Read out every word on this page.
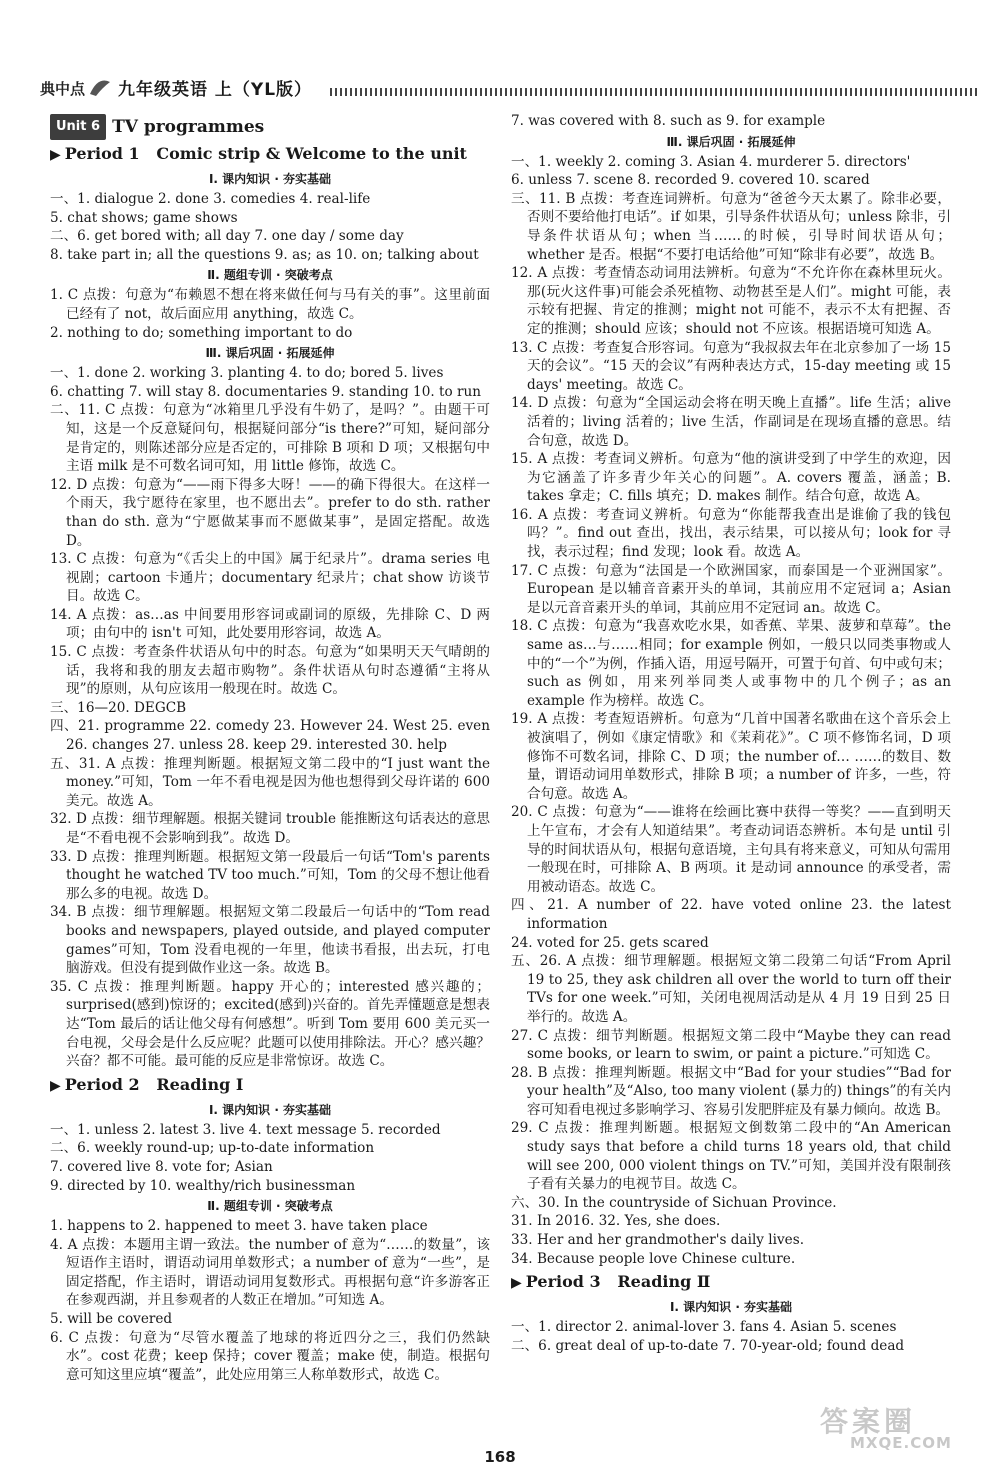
典中点 九年级英语 上（YL版）
Unit 6 TV programmes
▶ Period 1 Comic strip & Welcome to the unit
Ⅰ. 课内知识 · 夯实基础

一、1. dialogue 2. done 3. comedies 4. real-life

5. chat shows; game shows

二、6. get bored with; all day 7. one day / some day

8. take part in; all the questions 9. as; as 10. on; talking about

Ⅱ. 题组专训 · 突破考点

1. C 点拨：句意为“布赖恩不想在将来做任何与马有关的事”。这里前面已经有了 not，故后面应用 anything，故选 C。

2. nothing to do; something important to do

Ⅲ. 课后巩固 · 拓展延伸

一、1. done 2. working 3. planting 4. to do; bored 5. lives

6. chatting 7. will stay 8. documentaries 9. standing 10. to run

二、11. C 点拨：句意为“冰箱里几乎没有牛奶了，是吗？”。由题干可知，这是一个反意疑问句，根据疑问部分“is there?”可知，疑问部分是肯定的，则陈述部分应是否定的，可排除 B 项和 D 项；又根据句中主语 milk 是不可数名词可知，用 little 修饰，故选 C。

12. D 点拨：句意为“——雨下得多大呀！——的确下得很大。在这样一个雨天，我宁愿待在家里，也不愿出去”。prefer to do sth. rather than do sth. 意为“宁愿做某事而不愿做某事”，是固定搭配。故选 D。

13. C 点拨：句意为“《舌尖上的中国》属于纪录片”。drama series 电视剧；cartoon 卡通片；documentary 纪录片；chat show 访谈节目。故选 C。

14. A 点拨：as…as 中间要用形容词或副词的原级，先排除 C、D 两项；由句中的 isn't 可知，此处要用形容词，故选 A。

15. C 点拨：考查条件状语从句中的时态。句意为“如果明天天气晴朗的话，我将和我的朋友去超市购物”。条件状语从句时态遵循“主将从现”的原则，从句应该用一般现在时。故选 C。

三、16—20. DEGCB

四、21. programme 22. comedy 23. However 24. West 25. even 26. changes 27. unless 28. keep 29. interested 30. help

五、31. A 点拨：推理判断题。根据短文第二段中的“I just want the money.”可知，Tom 一年不看电视是因为他也想得到父母许诺的 600 美元。故选 A。

32. D 点拨：细节理解题。根据关键词 trouble 能推断这句话表达的意思是“不看电视不会影响到我”。故选 D。

33. D 点拨：推理判断题。根据短文第一段最后一句话“Tom's parents thought he watched TV too much.”可知，Tom 的父母不想让他看那么多的电视。故选 D。

34. B 点拨：细节理解题。根据短文第二段最后一句话中的“Tom read books and newspapers, played outside, and played computer games”可知，Tom 没看电视的一年里，他读书看报，出去玩，打电脑游戏。但没有提到做作业这一条。故选 B。

35. C 点拨：推理判断题。happy 开心的；interested 感兴趣的；surprised(感到)惊讶的；excited(感到)兴奋的。首先弄懂题意是想表达“Tom 最后的话让他父母有何感想”。听到 Tom 要用 600 美元买一台电视，父母会是什么反应呢？此题可以使用排除法。开心？感兴趣？兴奋？都不可能。最可能的反应是非常惊讶。故选 C。

▶ Period 2 Reading Ⅰ
Ⅰ. 课内知识 · 夯实基础

一、1. unless 2. latest 3. live 4. text message 5. recorded

二、6. weekly round-up; up-to-date information

7. covered live 8. vote for; Asian

9. directed by 10. wealthy/rich businessman

Ⅱ. 题组专训 · 突破考点

1. happens to 2. happened to meet 3. have taken place

4. A 点拨：本题用主谓一致法。the number of 意为“……的数量”，该短语作主语时，谓语动词用单数形式；a number of 意为“一些”，是固定搭配，作主语时，谓语动词用复数形式。再根据句意“许多游客正在参观西湖，并且参观者的人数正在增加。”可知选 A。

5. will be covered

6. C 点拨：句意为“尽管水覆盖了地球的将近四分之三，我们仍然缺水”。cost 花费；keep 保持；cover 覆盖；make 使，制造。根据句意可知这里应填“覆盖”，此处应用第三人称单数形式，故选 C。

7. was covered with 8. such as 9. for example

Ⅲ. 课后巩固 · 拓展延伸

一、1. weekly 2. coming 3. Asian 4. murderer 5. directors'

6. unless 7. scene 8. recorded 9. covered 10. scared

三、11. B 点拨：考查连词辨析。句意为“爸爸今天太累了。除非必要，否则不要给他打电话”。if 如果，引导条件状语从句；unless 除非，引导条件状语从句；when 当……的时候，引导时间状语从句；whether 是否。根据“不要打电话给他”可知“除非有必要”，故选 B。

12. A 点拨：考查情态动词用法辨析。句意为“不允许你在森林里玩火。那(玩火这件事)可能会杀死植物、动物甚至是人们”。might 可能，表示较有把握、肯定的推测；might not 可能不，表示不太有把握、否定的推测；should 应该；should not 不应该。根据语境可知选 A。

13. C 点拨：考查复合形容词。句意为“我叔叔去年在北京参加了一场 15 天的会议”。“15 天的会议”有两种表达方式，15-day meeting 或 15 days' meeting。故选 C。

14. D 点拨：句意为“全国运动会将在明天晚上直播”。life 生活；alive 活着的；living 活着的；live 生活，作副词是在现场直播的意思。结合句意，故选 D。

15. A 点拨：考查词义辨析。句意为“他的演讲受到了中学生的欢迎，因为它涵盖了许多青少年关心的问题”。A. covers 覆盖，涵盖；B. takes 拿走；C. fills 填充；D. makes 制作。结合句意，故选 A。

16. A 点拨：考查词义辨析。句意为“你能帮我查出是谁偷了我的钱包吗？”。find out 查出，找出，表示结果，可以接从句；look for 寻找，表示过程；find 发现；look 看。故选 A。

17. C 点拨：句意为“法国是一个欧洲国家，而泰国是一个亚洲国家”。European 是以辅音音素开头的单词，其前应用不定冠词 a；Asian 是以元音音素开头的单词，其前应用不定冠词 an。故选 C。

18. C 点拨：句意为“我喜欢吃水果，如香蕉、苹果、菠萝和草莓”。the same as…与……相同；for example 例如，一般只以同类事物或人中的“一个”为例，作插入语，用逗号隔开，可置于句首、句中或句末；such as 例如，用来列举同类人或事物中的几个例子；as an example 作为榜样。故选 C。

19. A 点拨：考查短语辨析。句意为“几首中国著名歌曲在这个音乐会上被演唱了，例如《康定情歌》和《茉莉花》”。C 项不修饰名词，D 项修饰不可数名词，排除 C、D 项；the number of… ……的数目、数量，谓语动词用单数形式，排除 B 项；a number of 许多，一些，符合句意。故选 A。

20. C 点拨：句意为“——谁将在绘画比赛中获得一等奖？——直到明天上午宣布，才会有人知道结果”。考查动词语态辨析。本句是 until 引导的时间状语从句，根据句意语境，主句具有将来意义，可知从句需用一般现在时，可排除 A、B 两项。it 是动词 announce 的承受者，需用被动语态。故选 C。

四、21. A number of 22. have voted online 23. the latest information

24. voted for 25. gets scared

五、26. A 点拨：细节理解题。根据短文第二段第二句话“From April 19 to 25, they ask children all over the world to turn off their TVs for one week.”可知，关闭电视周活动是从 4 月 19 日到 25 日举行的。故选 A。

27. C 点拨：细节判断题。根据短文第二段中“Maybe they can read some books, or learn to swim, or paint a picture.”可知选 C。

28. B 点拨：推理判断题。根据文中“Bad for your studies”“Bad for your health”及“Also, too many violent (暴力的) things”的有关内容可知看电视过多影响学习、容易引发肥胖症及有暴力倾向。故选 B。

29. C 点拨：推理判断题。根据短文倒数第二段中的“An American study says that before a child turns 18 years old, that child will see 200, 000 violent things on TV.”可知，美国并没有限制孩子看有关暴力的电视节目。故选 C。

六、30. In the countryside of Sichuan Province.

31. In 2016. 32. Yes, she does.

33. Her and her grandmother's daily lives.

34. Because people love Chinese culture.

▶ Period 3 Reading Ⅱ
Ⅰ. 课内知识 · 夯实基础

一、1. director 2. animal-lover 3. fans 4. Asian 5. scenes

二、6. great deal of up-to-date 7. 70-year-old; found dead

168
答案圈
MXQE.COM
